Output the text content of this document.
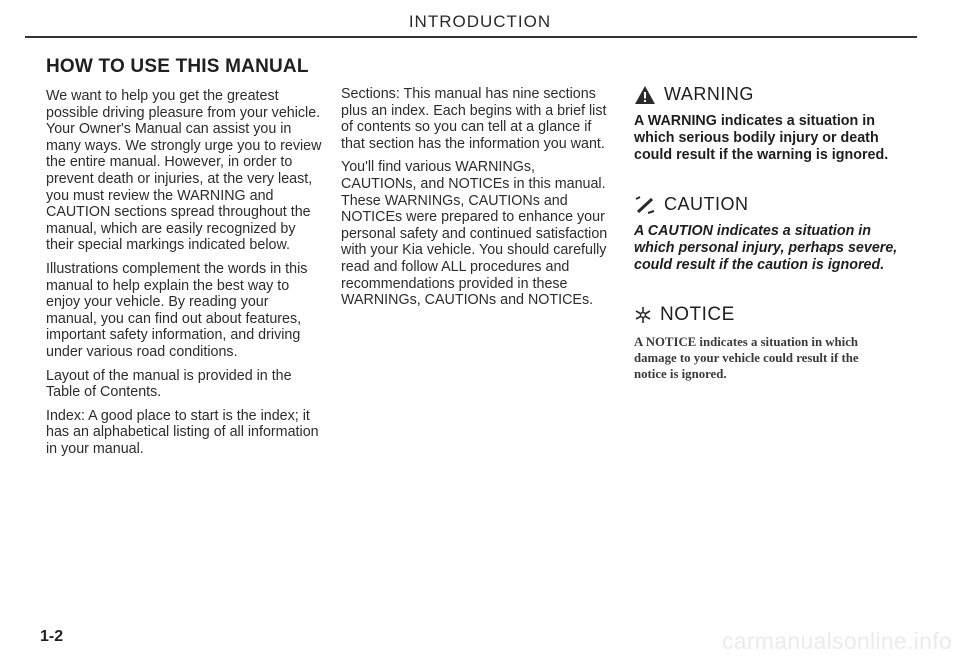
INTRODUCTION
HOW TO USE THIS MANUAL

We want to help you get the greatest possible driving pleasure from your vehicle. Your Owner's Manual can assist you in many ways. We strongly urge you to review the entire manual. However, in order to prevent death or injuries, at the very least, you must review the WARNING and CAUTION sections spread throughout the manual, which are easily recognized by their special markings indicated below.

Illustrations complement the words in this manual to help explain the best way to enjoy your vehicle. By reading your manual, you can find out about features, important safety information, and driving under various road conditions.

Layout of the manual is provided in the Table of Contents.

Index: A good place to start is the index; it has an alphabetical listing of all information in your manual.

Sections: This manual has nine sections plus an index. Each begins with a brief list of contents so you can tell at a glance if that section has the information you want.

You'll find various WARNINGs, CAUTIONs, and NOTICEs in this manual. These WARNINGs, CAUTIONs and NOTICEs were prepared to enhance your personal safety and continued satisfaction with your Kia vehicle. You should carefully read and follow ALL procedures and recommendations provided in these WARNINGs, CAUTIONs and NOTICEs.

WARNING

A WARNING indicates a situation in which serious bodily injury or death could result if the warning is ignored.

CAUTION

A CAUTION indicates a situation in which personal injury, perhaps severe, could result if the caution is ignored.

NOTICE

A NOTICE indicates a situation in which damage to your vehicle could result if the notice is ignored.

1-2	carmanualsonline.info
